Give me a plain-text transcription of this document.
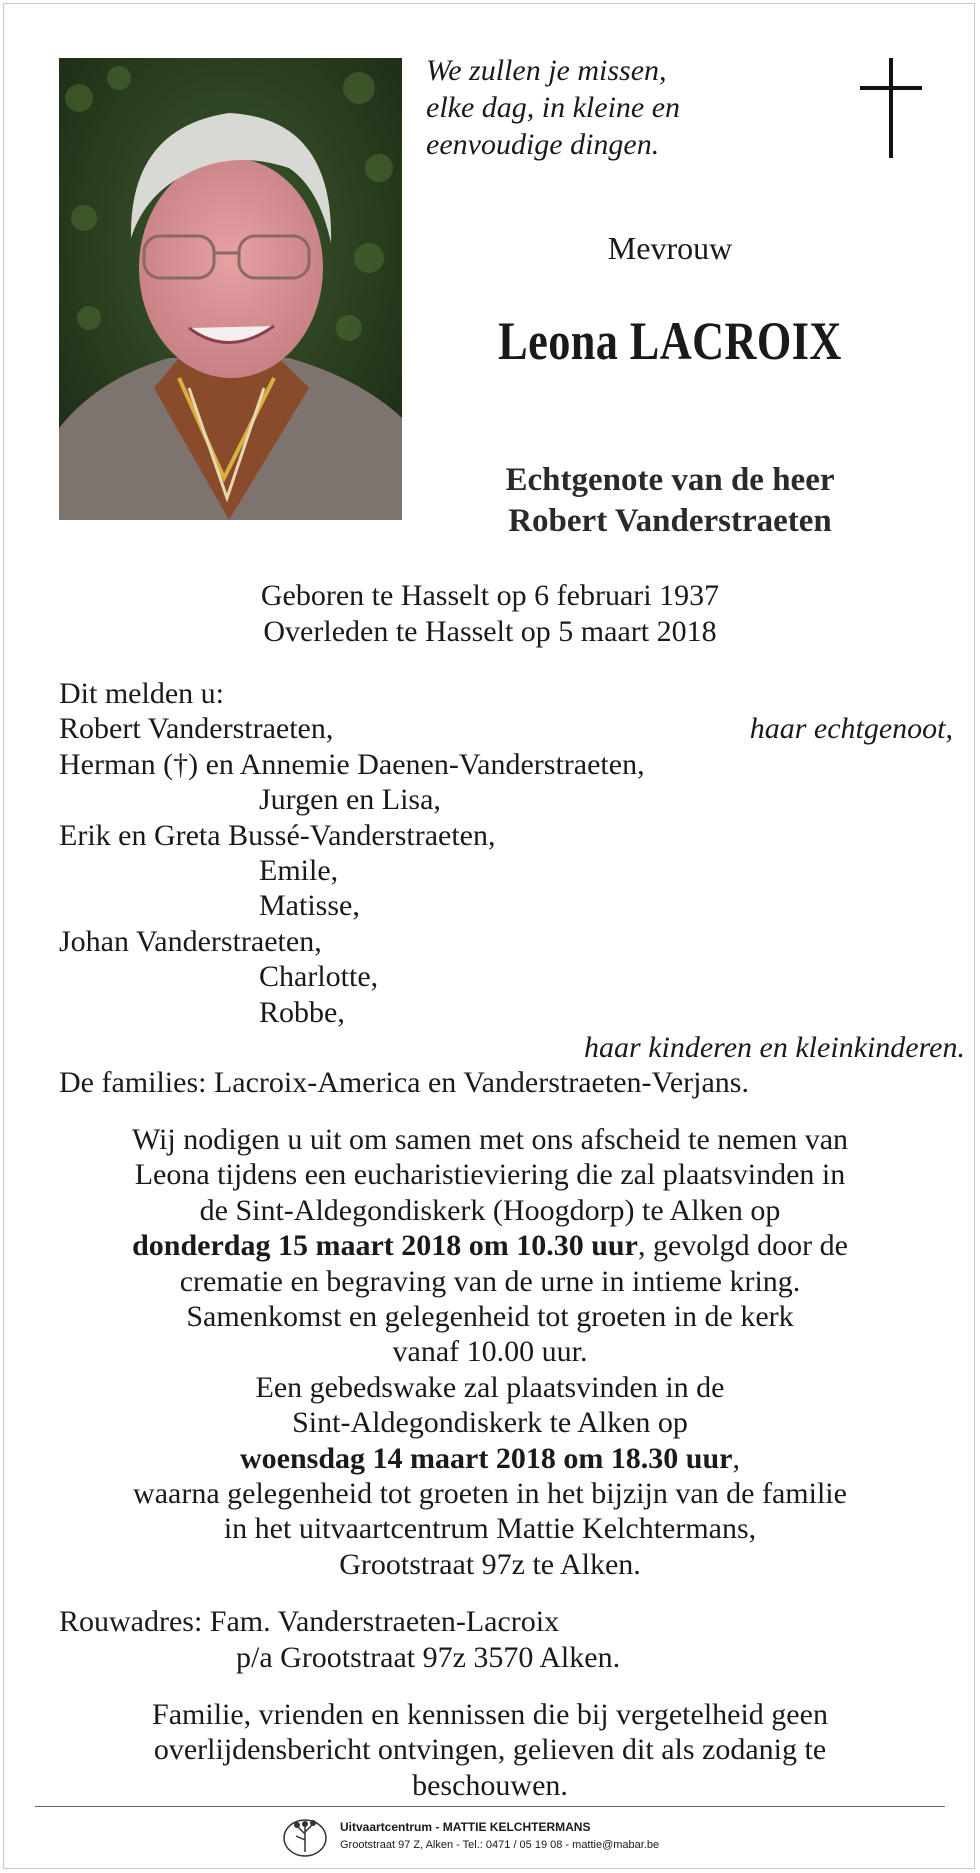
We zullen je missen,
elke dag, in kleine en
eenvoudige dingen.
Mevrouw
Leona LACROIX
Echtgenote van de heer
Robert Vanderstraeten
Geboren te Hasselt op 6 februari 1937
Overleden te Hasselt op 5 maart 2018
Dit melden u:
Robert Vanderstraeten,	haar echtgenoot,
Herman (†) en Annemie Daenen-Vanderstraeten,
Jurgen en Lisa,
Erik en Greta Bussé-Vanderstraeten,
Emile,
Matisse,
Johan Vanderstraeten,
Charlotte,
Robbe,
haar kinderen en kleinkinderen.
De families: Lacroix-America en Vanderstraeten-Verjans.
Wij nodigen u uit om samen met ons afscheid te nemen van
Leona tijdens een eucharistieviering die zal plaatsvinden in
de Sint-Aldegondiskerk (Hoogdorp) te Alken op
donderdag 15 maart 2018 om 10.30 uur, gevolgd door de
crematie en begraving van de urne in intieme kring.
Samenkomst en gelegenheid tot groeten in de kerk
vanaf 10.00 uur.
Een gebedswake zal plaatsvinden in de
Sint-Aldegondiskerk te Alken op
woensdag 14 maart 2018 om 18.30 uur,
waarna gelegenheid tot groeten in het bijzijn van de familie
in het uitvaartcentrum Mattie Kelchtermans,
Grootstraat 97z te Alken.
Rouwadres: Fam. Vanderstraeten-Lacroix
p/a Grootstraat 97z 3570 Alken.
Familie, vrienden en kennissen die bij vergetelheid geen
overlijdensbericht ontvingen, gelieven dit als zodanig te
beschouwen.
Uitvaartcentrum - MATTIE KELCHTERMANS
Grootstraat 97 Z, Alken - Tel.: 0471 / 05 19 08 - mattie@mabar.be
